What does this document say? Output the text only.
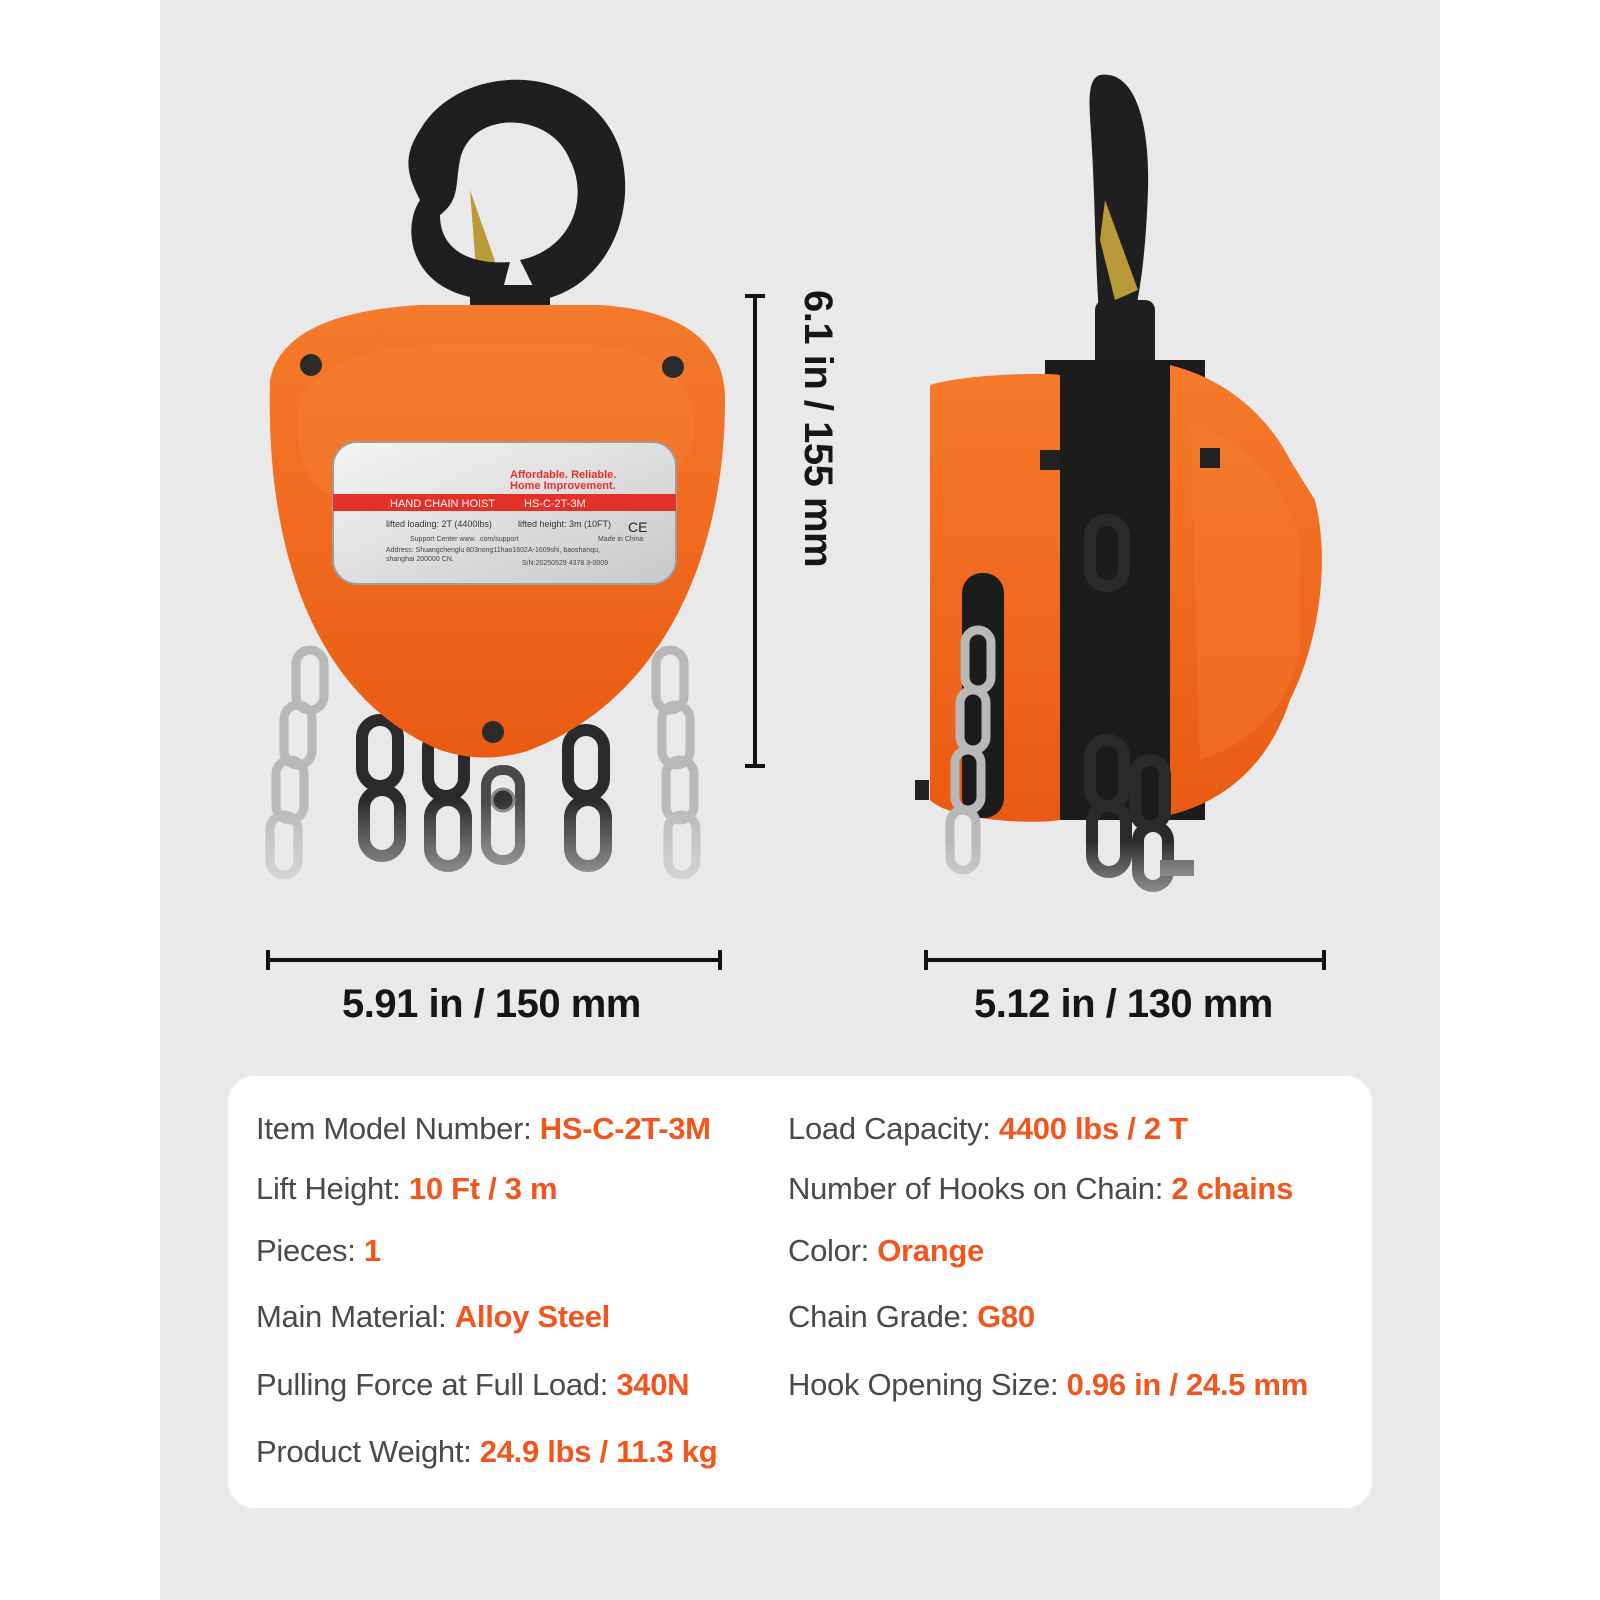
Affordable. Reliable.
Home Improvement.
HAND CHAIN HOIST	HS-C-2T-3M
lifted loading: 2T (4400lbs)	lifted height: 3m (10FT) CE
Support Center www. .com/support	Made in China
Address: Shuangchenglu 803nong11hao1602A-1609shi, baoshanqu,
shanghai 200000 CN.
S/N:20250529 4378 3-0009
5.91 in / 150 mm	5.12 in / 130 mm
6.1 in / 155 mm
Item Model Number: HS-C-2T-3M
Lift Height: 10 Ft / 3 m
Pieces: 1
Main Material: Alloy Steel
Pulling Force at Full Load: 340N
Product Weight: 24.9 lbs / 11.3 kg
Load Capacity: 4400 lbs / 2 T
Number of Hooks on Chain: 2 chains
Color: Orange
Chain Grade: G80
Hook Opening Size: 0.96 in / 24.5 mm
